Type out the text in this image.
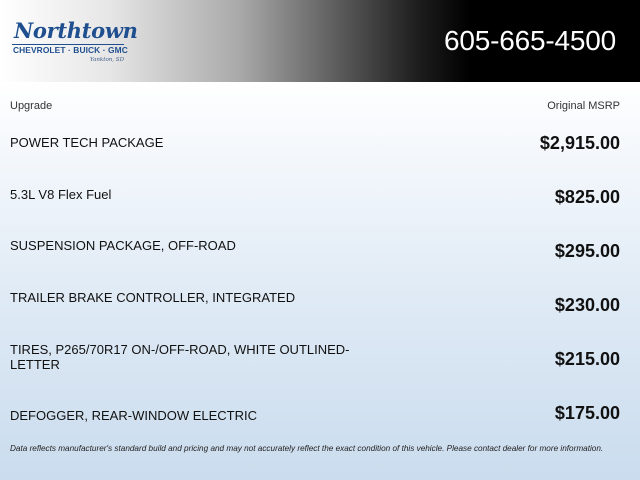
Northtown
CHEVROLET · BUICK · GMC
Yankton, SD
605-665-4500
Upgrade	Original MSRP
POWER TECH PACKAGE	$2,915.00
5.3L V8 Flex Fuel	$825.00
SUSPENSION PACKAGE, OFF-ROAD	$295.00
TRAILER BRAKE CONTROLLER, INTEGRATED	$230.00
TIRES, P265/70R17 ON-/OFF-ROAD, WHITE OUTLINED-LETTER	$215.00
DEFOGGER, REAR-WINDOW ELECTRIC	$175.00
Data reflects manufacturer's standard build and pricing and may not accurately reflect the exact condition of this vehicle. Please contact dealer for more information.
